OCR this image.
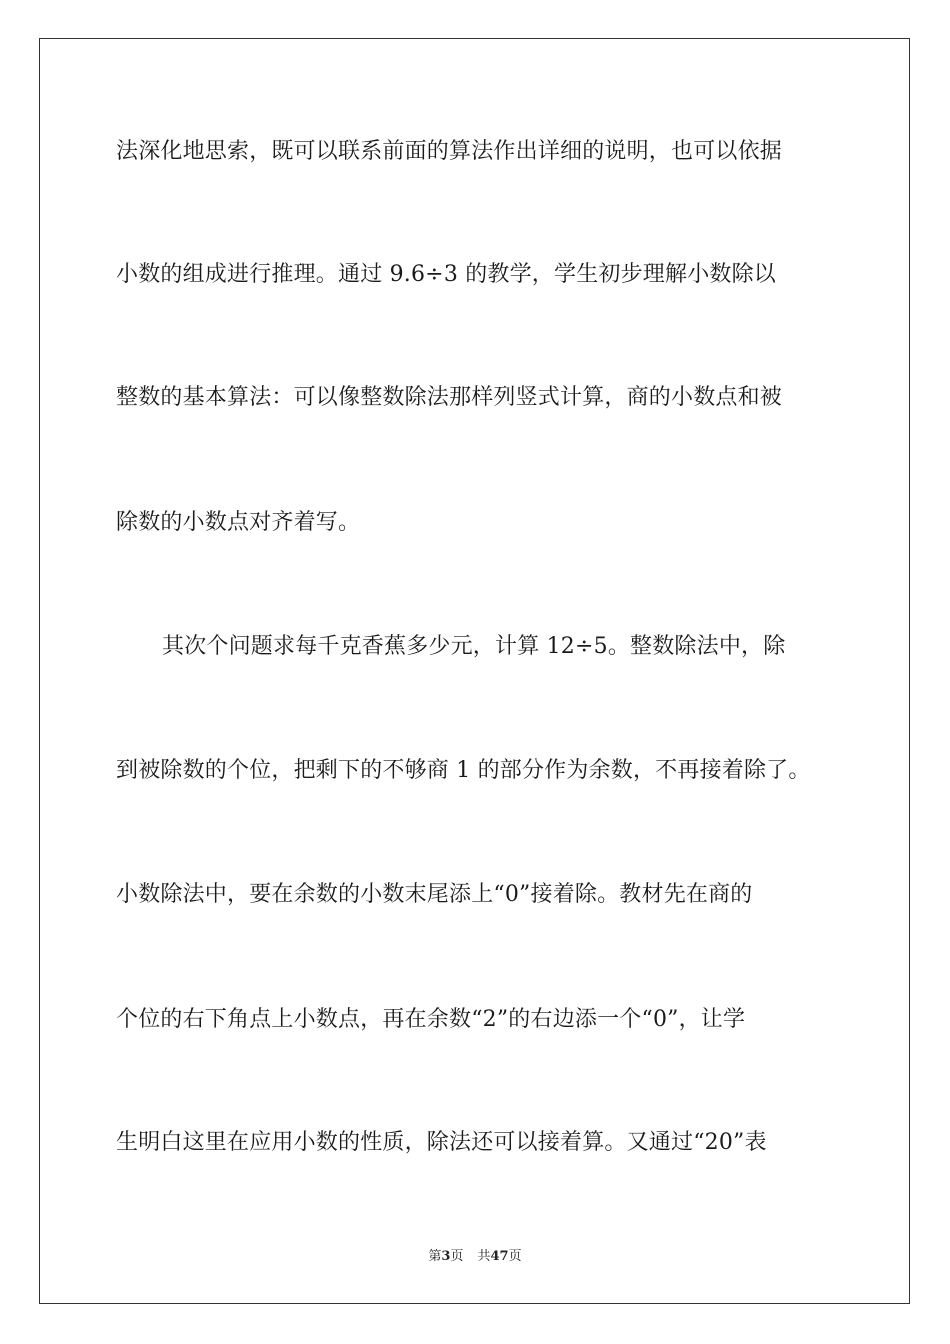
法深化地思索，既可以联系前面的算法作出详细的说明，也可以依据
小数的组成进行推理。通过 9.6÷3 的教学，学生初步理解小数除以
整数的基本算法：可以像整数除法那样列竖式计算，商的小数点和被
除数的小数点对齐着写。
其次个问题求每千克香蕉多少元，计算 12÷5。整数除法中，除
到被除数的个位，把剩下的不够商 1 的部分作为余数，不再接着除了。
小数除法中，要在余数的小数末尾添上“0”接着除。教材先在商的
个位的右下角点上小数点，再在余数“2”的右边添一个“0”，让学
生明白这里在应用小数的性质，除法还可以接着算。又通过“20”表
第3页 共47页
